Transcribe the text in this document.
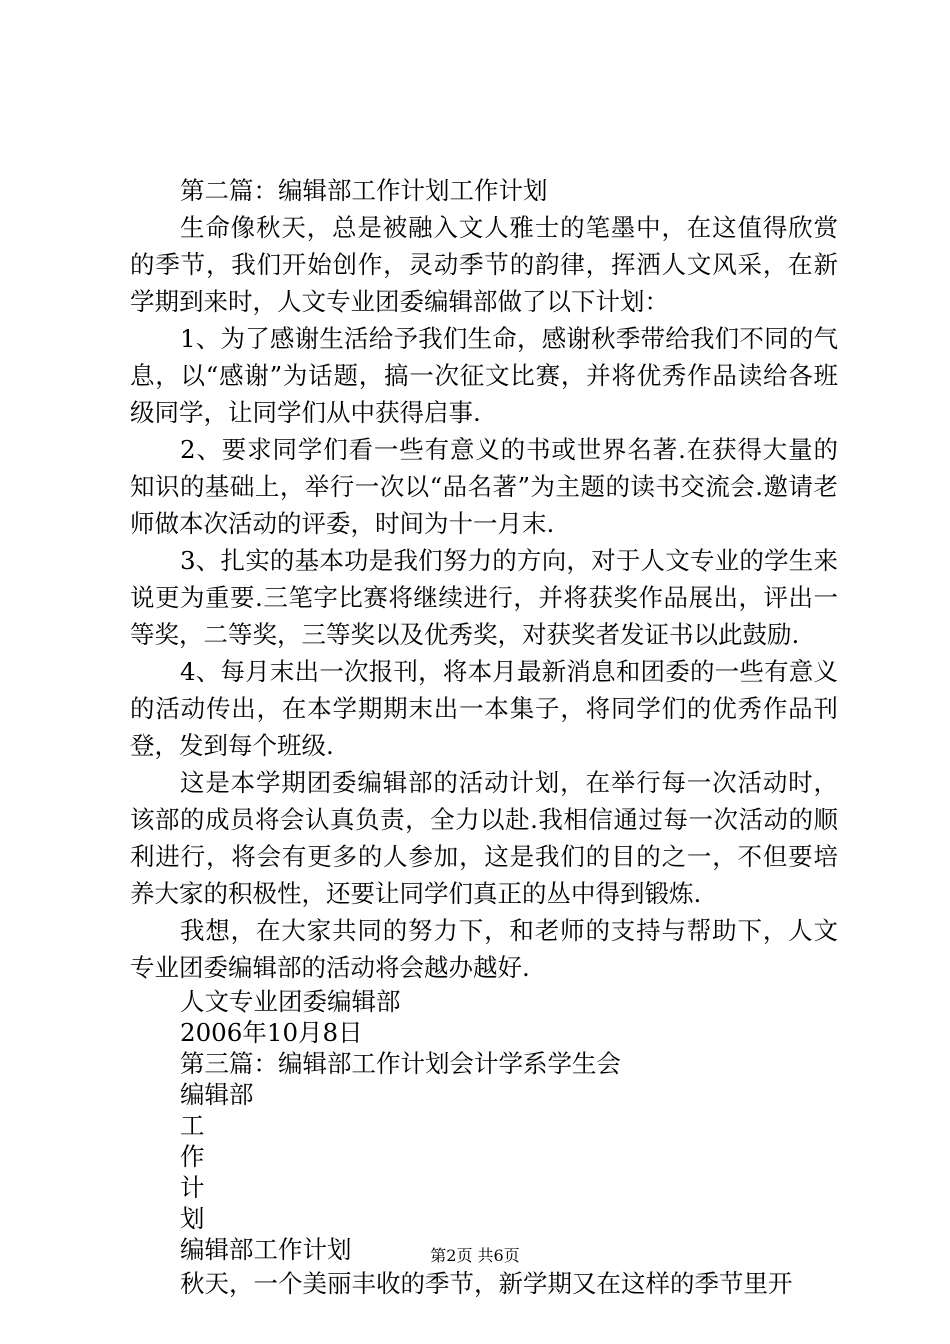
第二篇：编辑部工作计划工作计划

生命像秋天，总是被融入文人雅士的笔墨中，在这值得欣赏的季节，我们开始创作，灵动季节的韵律，挥洒人文风采，在新学期到来时，人文专业团委编辑部做了以下计划：

1、为了感谢生活给予我们生命，感谢秋季带给我们不同的气息，以“感谢”为话题，搞一次征文比赛，并将优秀作品读给各班级同学，让同学们从中获得启事.

2、要求同学们看一些有意义的书或世界名著.在获得大量的知识的基础上，举行一次以“品名著”为主题的读书交流会.邀请老师做本次活动的评委，时间为十一月末.

3、扎实的基本功是我们努力的方向，对于人文专业的学生来说更为重要.三笔字比赛将继续进行，并将获奖作品展出，评出一等奖，二等奖，三等奖以及优秀奖，对获奖者发证书以此鼓励.

4、每月末出一次报刊，将本月最新消息和团委的一些有意义的活动传出，在本学期期末出一本集子，将同学们的优秀作品刊登，发到每个班级.

这是本学期团委编辑部的活动计划，在举行每一次活动时，该部的成员将会认真负责，全力以赴.我相信通过每一次活动的顺利进行，将会有更多的人参加，这是我们的目的之一，不但要培养大家的积极性，还要让同学们真正的丛中得到锻炼.

我想，在大家共同的努力下，和老师的支持与帮助下，人文专业团委编辑部的活动将会越办越好.

人文专业团委编辑部

2006年10月8日

第三篇：编辑部工作计划会计学系学生会

编辑部

工

作

计

划

编辑部工作计划

秋天，一个美丽丰收的季节，新学期又在这样的季节里开

第2页 共6页
